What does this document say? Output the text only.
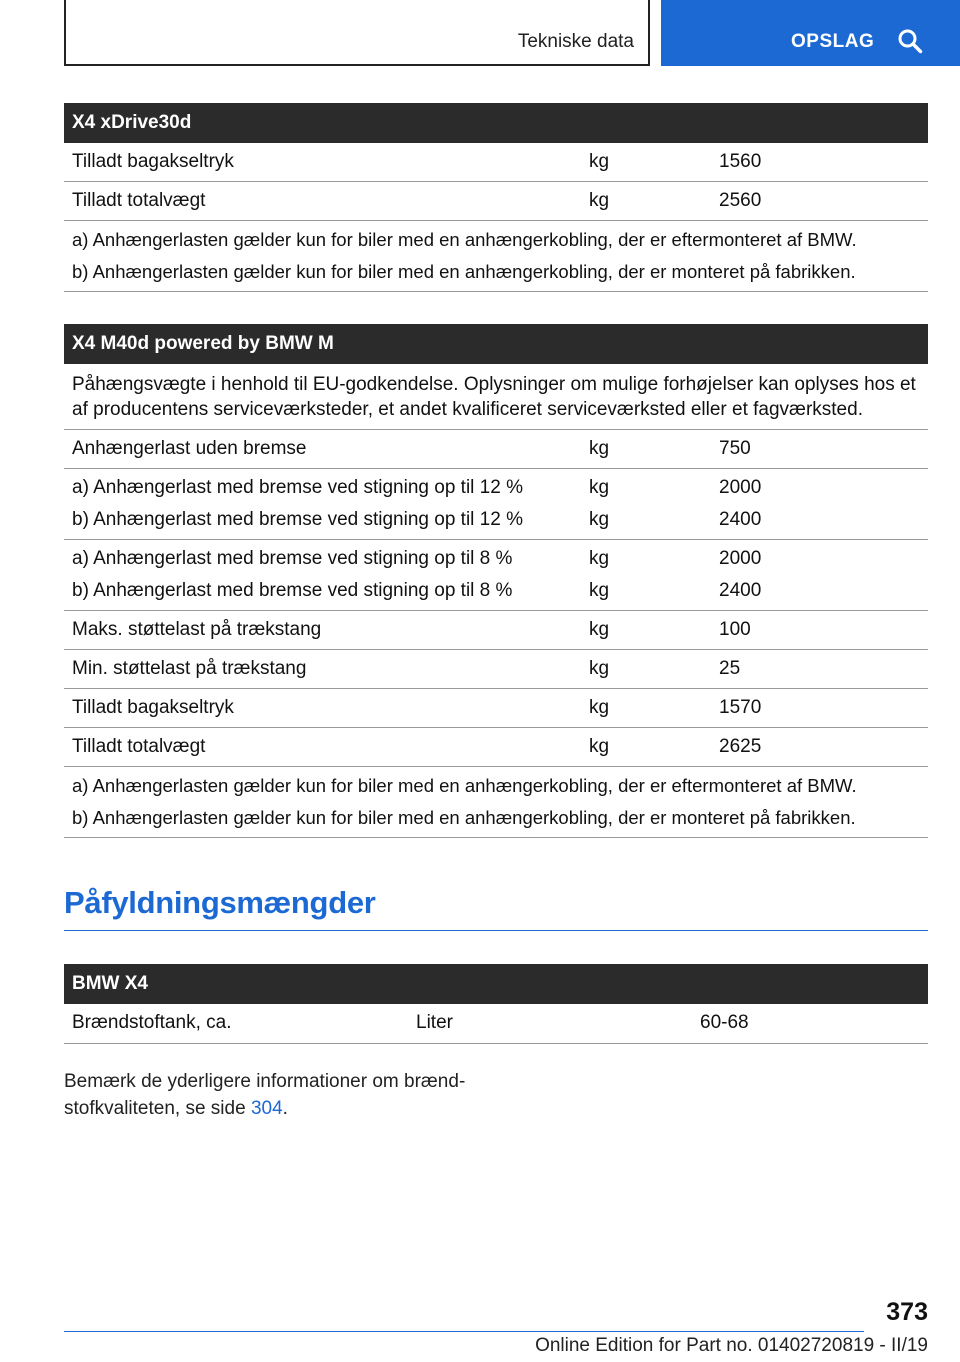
Tekniske data	OPSLAG
X4 xDrive30d
Tilladt bagakseltryk	kg	1560
Tilladt totalvægt	kg	2560
a) Anhængerlasten gælder kun for biler med en anhængerkobling, der er eftermonteret af BMW.
b) Anhængerlasten gælder kun for biler med en anhængerkobling, der er monteret på fabrikken.
X4 M40d powered by BMW M

Påhængsvægte i henhold til EU-godkendelse. Oplysninger om mulige forhøjelser kan oplyses hos et af producentens serviceværksteder, et andet kvalificeret serviceværksted eller et fagværksted.

Anhængerlast uden bremse	kg	750
a) Anhængerlast med bremse ved stigning op til 12 %	kg	2000
b) Anhængerlast med bremse ved stigning op til 12 %	kg	2400
a) Anhængerlast med bremse ved stigning op til 8 %	kg	2000
b) Anhængerlast med bremse ved stigning op til 8 %	kg	2400
Maks. støttelast på trækstang	kg	100
Min. støttelast på trækstang	kg	25
Tilladt bagakseltryk	kg	1570
Tilladt totalvægt	kg	2625
a) Anhængerlasten gælder kun for biler med en anhængerkobling, der er eftermonteret af BMW.
b) Anhængerlasten gælder kun for biler med en anhængerkobling, der er monteret på fabrikken.
Påfyldningsmængder
BMW X4
Brændstoftank, ca.	Liter	60-68

Bemærk de yderligere informationer om brænd-stofkvaliteten, se side 304.

373
Online Edition for Part no. 01402720819 - II/19
